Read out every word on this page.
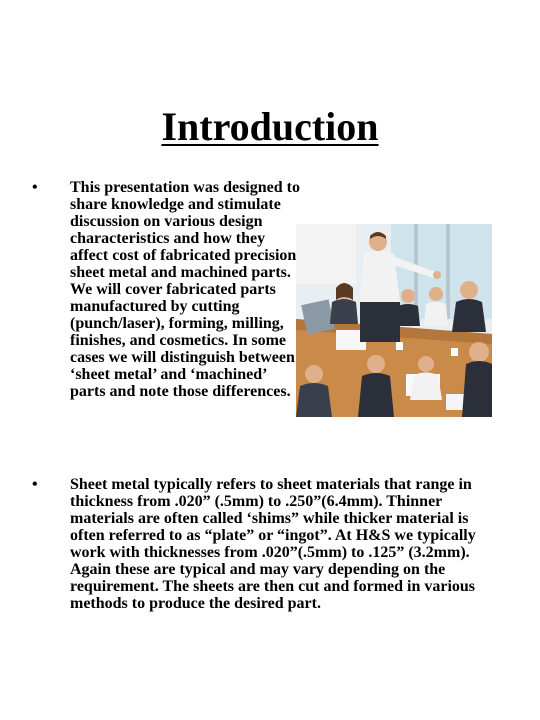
Introduction
• This presentation was designed to share knowledge and stimulate discussion on various design characteristics and how they affect cost of fabricated precision sheet metal and machined parts. We will cover fabricated parts manufactured by cutting (punch/laser), forming, milling, finishes, and cosmetics. In some cases we will distinguish between ‘sheet metal’ and ‘machined’ parts and note those differences.

• Sheet metal typically refers to sheet materials that range in thickness from .020” (.5mm) to .250”(6.4mm). Thinner materials are often called ‘shims” while thicker material is often referred to as “plate” or “ingot”. At H&S we typically work with thicknesses from .020”(.5mm) to .125” (3.2mm). Again these are typical and may vary depending on the requirement. The sheets are then cut and formed in various methods to produce the desired part.
